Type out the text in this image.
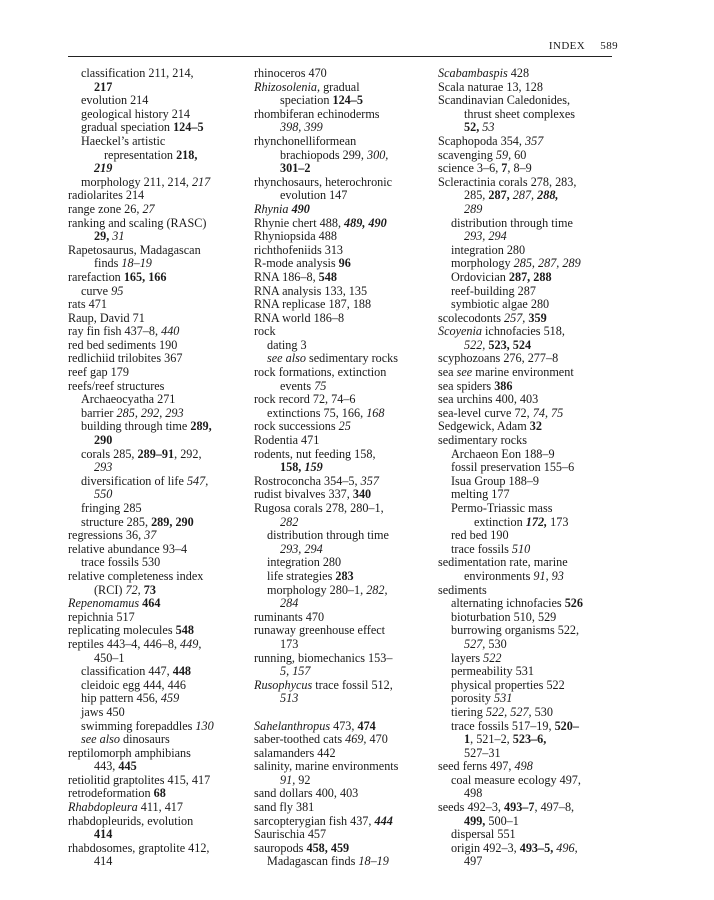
INDEX 589
classification 211, 214,
217
evolution 214
geological history 214
gradual speciation 124–5
Haeckel’s artistic
representation 218,
219
morphology 211, 214, 217
radiolarites 214
range zone 26, 27
ranking and scaling (RASC)
29, 31
Rapetosaurus, Madagascan
finds 18–19
rarefaction 165, 166
curve 95
rats 471
Raup, David 71
ray fin fish 437–8, 440
red bed sediments 190
redlichiid trilobites 367
reef gap 179
reefs/reef structures
Archaeocyatha 271
barrier 285, 292, 293
building through time 289,
290
corals 285, 289–91, 292,
293
diversification of life 547,
550
fringing 285
structure 285, 289, 290
regressions 36, 37
relative abundance 93–4
trace fossils 530
relative completeness index
(RCI) 72, 73
Repenomamus 464
repichnia 517
replicating molecules 548
reptiles 443–4, 446–8, 449,
450–1
classification 447, 448
cleidoic egg 444, 446
hip pattern 456, 459
jaws 450
swimming forepaddles 130
see also dinosaurs
reptilomorph amphibians
443, 445
retiolitid graptolites 415, 417
retrodeformation 68
Rhabdopleura 411, 417
rhabdopleurids, evolution
414
rhabdosomes, graptolite 412,
414
rhinoceros 470
Rhizosolenia, gradual
speciation 124–5
rhombiferan echinoderms
398, 399
rhynchonelliformean
brachiopods 299, 300,
301–2
rhynchosaurs, heterochronic
evolution 147
Rhynia 490
Rhynie chert 488, 489, 490
Rhyniopsida 488
richthofeniids 313
R-mode analysis 96
RNA 186–8, 548
RNA analysis 133, 135
RNA replicase 187, 188
RNA world 186–8
rock
dating 3
see also sedimentary rocks
rock formations, extinction
events 75
rock record 72, 74–6
extinctions 75, 166, 168
rock successions 25
Rodentia 471
rodents, nut feeding 158,
158, 159
Rostroconcha 354–5, 357
rudist bivalves 337, 340
Rugosa corals 278, 280–1,
282
distribution through time
293, 294
integration 280
life strategies 283
morphology 280–1, 282,
284
ruminants 470
runaway greenhouse effect
173
running, biomechanics 153–
5, 157
Rusophycus trace fossil 512,
513
Sahelanthropus 473, 474
saber-toothed cats 469, 470
salamanders 442
salinity, marine environments
91, 92
sand dollars 400, 403
sand fly 381
sarcopterygian fish 437, 444
Saurischia 457
sauropods 458, 459
Madagascan finds 18–19
Scabambaspis 428
Scala naturae 13, 128
Scandinavian Caledonides,
thrust sheet complexes
52, 53
Scaphopoda 354, 357
scavenging 59, 60
science 3–6, 7, 8–9
Scleractinia corals 278, 283,
285, 287, 287, 288,
289
distribution through time
293, 294
integration 280
morphology 285, 287, 289
Ordovician 287, 288
reef-building 287
symbiotic algae 280
scolecodonts 257, 359
Scoyenia ichnofacies 518,
522, 523, 524
scyphozoans 276, 277–8
sea see marine environment
sea spiders 386
sea urchins 400, 403
sea-level curve 72, 74, 75
Sedgewick, Adam 32
sedimentary rocks
Archaeon Eon 188–9
fossil preservation 155–6
Isua Group 188–9
melting 177
Permo-Triassic mass
extinction 172, 173
red bed 190
trace fossils 510
sedimentation rate, marine
environments 91, 93
sediments
alternating ichnofacies 526
bioturbation 510, 529
burrowing organisms 522,
527, 530
layers 522
permeability 531
physical properties 522
porosity 531
tiering 522, 527, 530
trace fossils 517–19, 520–
1, 521–2, 523–6,
527–31
seed ferns 497, 498
coal measure ecology 497,
498
seeds 492–3, 493–7, 497–8,
499, 500–1
dispersal 551
origin 492–3, 493–5, 496,
497
